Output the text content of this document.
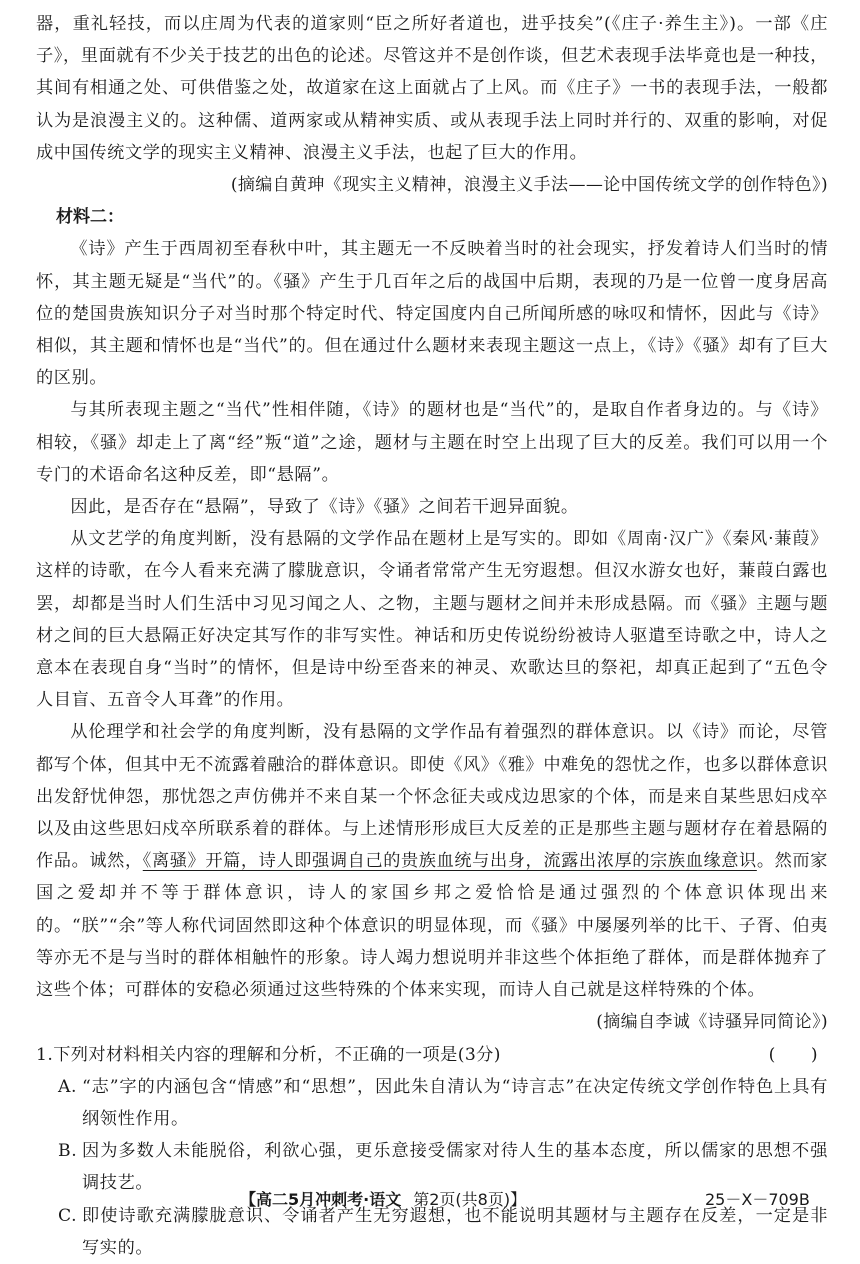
器，重礼轻技，而以庄周为代表的道家则“臣之所好者道也，进乎技矣”(《庄子·养生主》)。一部《庄子》，里面就有不少关于技艺的出色的论述。尽管这并不是创作谈，但艺术表现手法毕竟也是一种技，其间有相通之处、可供借鉴之处，故道家在这上面就占了上风。而《庄子》一书的表现手法，一般都认为是浪漫主义的。这种儒、道两家或从精神实质、或从表现手法上同时并行的、双重的影响，对促成中国传统文学的现实主义精神、浪漫主义手法，也起了巨大的作用。

(摘编自黄珅《现实主义精神，浪漫主义手法——论中国传统文学的创作特色》)

材料二：

《诗》产生于西周初至春秋中叶，其主题无一不反映着当时的社会现实，抒发着诗人们当时的情怀，其主题无疑是“当代”的。《骚》产生于几百年之后的战国中后期，表现的乃是一位曾一度身居高位的楚国贵族知识分子对当时那个特定时代、特定国度内自己所闻所感的咏叹和情怀，因此与《诗》相似，其主题和情怀也是“当代”的。但在通过什么题材来表现主题这一点上，《诗》《骚》却有了巨大的区别。

与其所表现主题之“当代”性相伴随，《诗》的题材也是“当代”的，是取自作者身边的。与《诗》相较，《骚》却走上了离“经”叛“道”之途，题材与主题在时空上出现了巨大的反差。我们可以用一个专门的术语命名这种反差，即“悬隔”。

因此，是否存在“悬隔”，导致了《诗》《骚》之间若干迥异面貌。

从文艺学的角度判断，没有悬隔的文学作品在题材上是写实的。即如《周南·汉广》《秦风·蒹葭》这样的诗歌，在今人看来充满了朦胧意识，令诵者常常产生无穷遐想。但汉水游女也好，蒹葭白露也罢，却都是当时人们生活中习见习闻之人、之物，主题与题材之间并未形成悬隔。而《骚》主题与题材之间的巨大悬隔正好决定其写作的非写实性。神话和历史传说纷纷被诗人驱遣至诗歌之中，诗人之意本在表现自身“当时”的情怀，但是诗中纷至沓来的神灵、欢歌达旦的祭祀，却真正起到了“五色令人目盲、五音令人耳聋”的作用。

从伦理学和社会学的角度判断，没有悬隔的文学作品有着强烈的群体意识。以《诗》而论，尽管都写个体，但其中无不流露着融洽的群体意识。即使《风》《雅》中难免的怨忧之作，也多以群体意识出发舒忧伸怨，那忧怨之声仿佛并不来自某一个怀念征夫或戍边思家的个体，而是来自某些思妇戍卒以及由这些思妇戍卒所联系着的群体。与上述情形形成巨大反差的正是那些主题与题材存在着悬隔的作品。诚然，《离骚》开篇，诗人即强调自己的贵族血统与出身，流露出浓厚的宗族血缘意识。然而家国之爱却并不等于群体意识，诗人的家国乡邦之爱恰恰是通过强烈的个体意识体现出来的。“朕”“余”等人称代词固然即这种个体意识的明显体现，而《骚》中屡屡列举的比干、子胥、伯夷等亦无不是与当时的群体相触忤的形象。诗人竭力想说明并非这些个体拒绝了群体，而是群体抛弃了这些个体；可群体的安稳必须通过这些特殊的个体来实现，而诗人自己就是这样特殊的个体。

(摘编自李诚《诗骚异同简论》)

1.下列对材料相关内容的理解和分析，不正确的一项是(3分)	(　　)
A. “志”字的内涵包含“情感”和“思想”，因此朱自清认为“诗言志”在决定传统文学创作特色上具有纲领性作用。
B. 因为多数人未能脱俗，利欲心强，更乐意接受儒家对待人生的基本态度，所以儒家的思想不强调技艺。
C. 即使诗歌充满朦胧意识、令诵者产生无穷遐想，也不能说明其题材与主题存在反差，一定是非写实的。
【高二5月冲刺考·语文 第2页(共8页)】	25－X－709B
